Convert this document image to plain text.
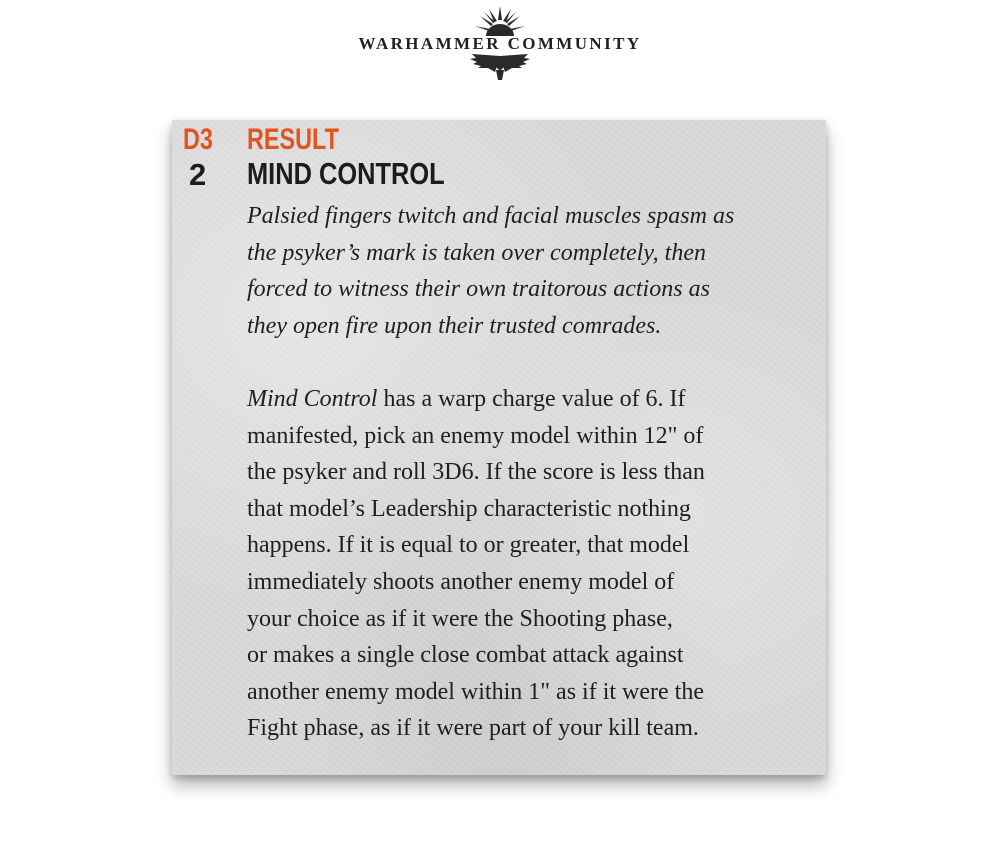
WARHAMMER COMMUNITY
D3 RESULT
2 MIND CONTROL
Palsied fingers twitch and facial muscles spasm as
the psyker’s mark is taken over completely, then
forced to witness their own traitorous actions as
they open fire upon their trusted comrades.
Mind Control has a warp charge value of 6. If
manifested, pick an enemy model within 12" of
the psyker and roll 3D6. If the score is less than
that model’s Leadership characteristic nothing
happens. If it is equal to or greater, that model
immediately shoots another enemy model of
your choice as if it were the Shooting phase,
or makes a single close combat attack against
another enemy model within 1" as if it were the
Fight phase, as if it were part of your kill team.
